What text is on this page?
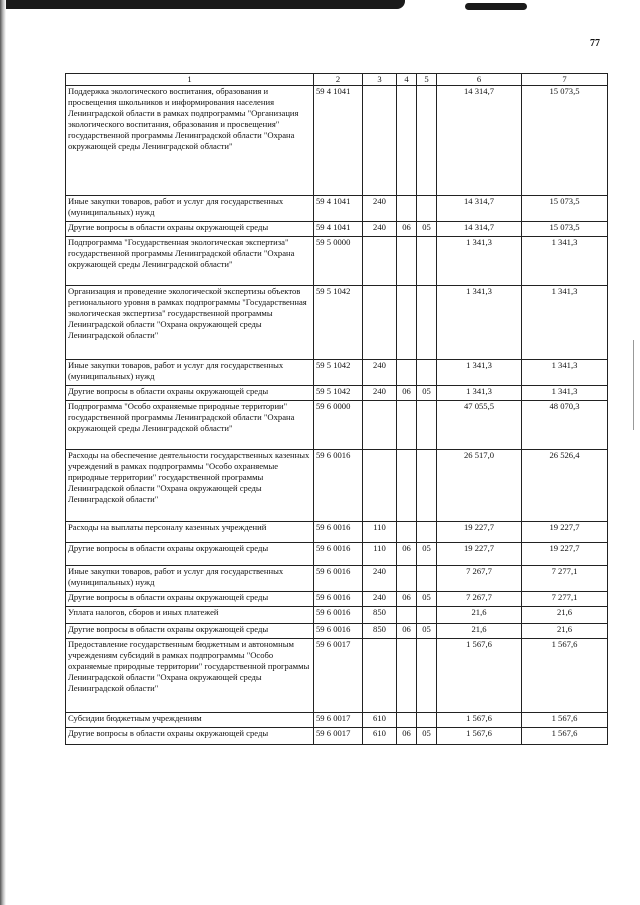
77
1	2	3	4	5	6	7
Поддержка экологического воспитания, образования и просвещения школьников и информирования населения Ленинградской области в рамках подпрограммы "Организация экологического воспитания, образования и просвещения" государственной программы Ленинградской области "Охрана окружающей среды Ленинградской области"	59 4 1041				14 314,7	15 073,5
Иные закупки товаров, работ и услуг для государственных (муниципальных) нужд	59 4 1041	240			14 314,7	15 073,5
Другие вопросы в области охраны окружающей среды	59 4 1041	240	06	05	14 314,7	15 073,5
Подпрограмма "Государственная экологическая экспертиза" государственной программы Ленинградской области "Охрана окружающей среды Ленинградской области"	59 5 0000				1 341,3	1 341,3
Организация и проведение экологической экспертизы объектов регионального уровня в рамках подпрограммы "Государственная экологическая экспертиза" государственной программы Ленинградской области "Охрана окружающей среды Ленинградской области"	59 5 1042				1 341,3	1 341,3
Иные закупки товаров, работ и услуг для государственных (муниципальных) нужд	59 5 1042	240			1 341,3	1 341,3
Другие вопросы в области охраны окружающей среды	59 5 1042	240	06	05	1 341,3	1 341,3
Подпрограмма "Особо охраняемые природные территории" государственной программы Ленинградской области "Охрана окружающей среды Ленинградской области"	59 6 0000				47 055,5	48 070,3
Расходы на обеспечение деятельности государственных казенных учреждений в рамках подпрограммы "Особо охраняемые природные территории" государственной программы Ленинградской области "Охрана окружающей среды Ленинградской области"	59 6 0016				26 517,0	26 526,4
Расходы на выплаты персоналу казенных учреждений	59 6 0016	110			19 227,7	19 227,7
Другие вопросы в области охраны окружающей среды	59 6 0016	110	06	05	19 227,7	19 227,7
Иные закупки товаров, работ и услуг для государственных (муниципальных) нужд	59 6 0016	240			7 267,7	7 277,1
Другие вопросы в области охраны окружающей среды	59 6 0016	240	06	05	7 267,7	7 277,1
Уплата налогов, сборов и иных платежей	59 6 0016	850			21,6	21,6
Другие вопросы в области охраны окружающей среды	59 6 0016	850	06	05	21,6	21,6
Предоставление государственным бюджетным и автономным учреждениям субсидий в рамках подпрограммы "Особо охраняемые природные территории" государственной программы Ленинградской области "Охрана окружающей среды Ленинградской области"	59 6 0017				1 567,6	1 567,6
Субсидии бюджетным учреждениям	59 6 0017	610			1 567,6	1 567,6
Другие вопросы в области охраны окружающей среды	59 6 0017	610	06	05	1 567,6	1 567,6
